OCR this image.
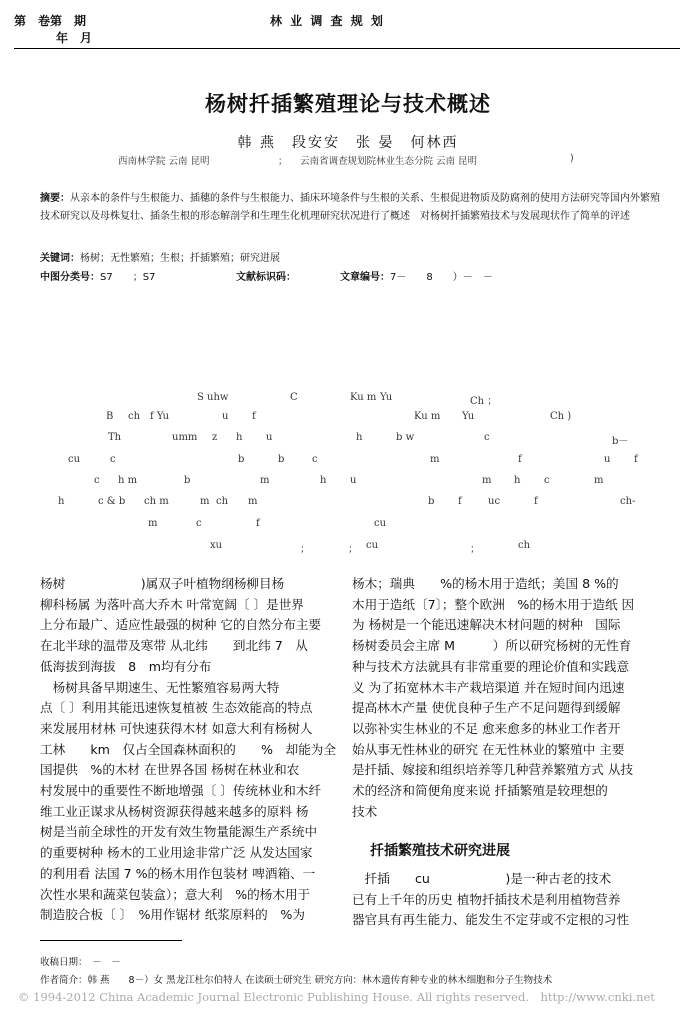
第　卷第　期
　年　月
林 业 调 查 规 划
杨树扦插繁殖理论与技术概述
韩 燕　段安安　张 晏　何林西
西南林学院 云南 昆明	； 云南省调查规划院林业生态分院 云南 昆明	)
摘要：从亲本的条件与生根能力、插穗的条件与生根能力、插床环境条件与生根的关系、生根促进物质及防腐剂的使用方法研究等国内外繁殖技术研究以及母株复壮、插条生根的形态解剖学和生理生化机理研究状况进行了概述　对杨树扦插繁殖技术与发展现状作了简单的评述
关键词：杨树；无性繁殖；生根；扦插繁殖；研究进展
中图分类号：S7　　；S7	文献标识码：	文章编号：7－　　8　　）－　－
S uhw	C	Ku m Yu	Ch ；
B ch f Yu	u f	Ku m Yu	Ch )
Th	umm z h u	h	b w	c	b－
cu	c	b	b	c	m	f	u f
c h m	b	m	h u	m h c	m
h	c & b ch m	m ch m	b f	uc	f	ch-
m	c	f	cu
xu	；	； cu	；	ch
杨树　　　　　　)属双子叶植物纲杨柳目杨
柳科杨属 为落叶高大乔木 叶常宽阔〔 〕是世界
上分布最广、适应性最强的树种 它的自然分布主要
在北半球的温带及寒带 从北纬　　到北纬 7　从
低海拔到海拔　8　m均有分布
　杨树具备早期速生、无性繁殖容易两大特
点〔 〕利用其能迅速恢复植被 生态效能高的特点
来发展用材林 可快速获得木材 如意大利有杨树人
工林　　km　仅占全国森林面积的　　%　却能为全
国提供　%的木材 在世界各国 杨树在林业和农
村发展中的重要性不断地增强〔 〕传统林业和木纤
维工业正谋求从杨树资源获得越来越多的原料 杨
树是当前全球性的开发有效生物量能源生产系统中
的重要树种 杨木的工业用途非常广泛 从发达国家
的利用看 法国 7 %的杨木用作包装材 啤酒箱、一
次性水果和蔬菜包装盒）；意大利　%的杨木用于
制造胶合板〔 〕　%用作锯材 纸浆原料的　%为
杨木；瑞典　　%的杨木用于造纸；美国 8 %的
木用于造纸〔7〕；整个欧洲　%的杨木用于造纸 因
为 杨树是一个能迅速解决木材问题的树种　国际
杨树委员会主席 M　　　）所以研究杨树的无性育
种与技术方法就具有非常重要的理论价值和实践意
义 为了拓宽林木丰产栽培渠道 并在短时间内迅速
提高林木产量 使优良种子生产不足问题得到缓解
以弥补实生林业的不足 愈来愈多的林业工作者开
始从事无性林业的研究 在无性林业的繁殖中 主要
是扦插、嫁接和组织培养等几种营养繁殖方式 从技
术的经济和简便角度来说 扦插繁殖是较理想的
技术
扦插繁殖技术研究进展
　扦插　　cu　　　　　　)是一种古老的技术
已有上千年的历史 植物扦插技术是利用植物营养
器官具有再生能力、能发生不定芽或不定根的习性
收稿日期：　－　－
作者简介：韩 燕　　8－）女 黑龙江杜尔伯特人 在读硕士研究生 研究方向：林木遗传育种专业的林木细胞和分子生物技术
© 1994-2012 China Academic Journal Electronic Publishing House. All rights reserved.　http://www.cnki.net
